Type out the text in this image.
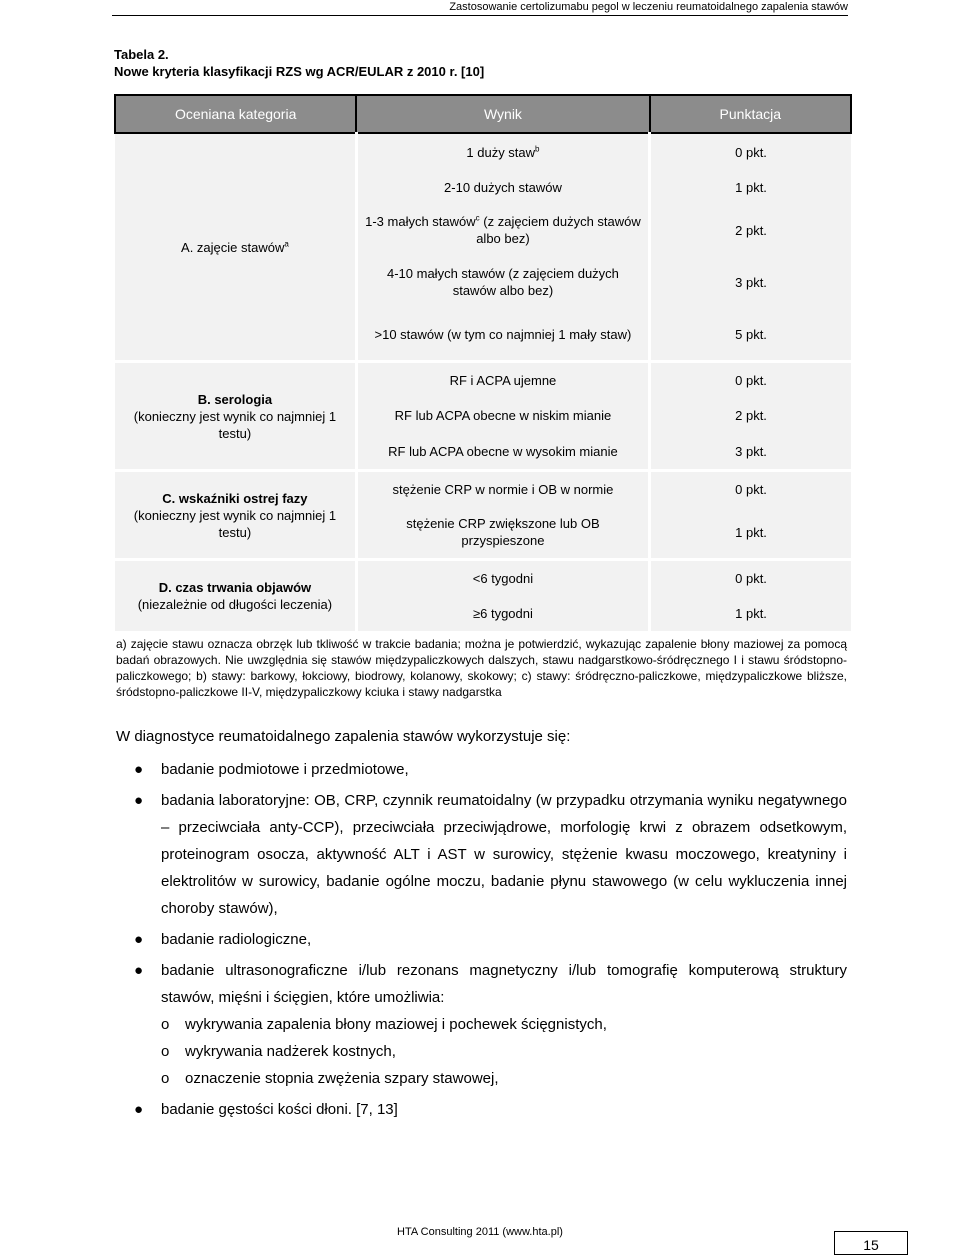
Zastosowanie certolizumabu pegol w leczeniu reumatoidalnego zapalenia stawów
Tabela 2.
Nowe kryteria klasyfikacji RZS wg ACR/EULAR z 2010 r. [10]
Oceniana kategoria	Wynik	Punktacja
A. zajęcie stawów$^a$	1 duży staw$^b$	0 pkt.
	2-10 dużych stawów	1 pkt.
	1-3 małych stawów$^c$ (z zajęciem dużych stawów albo bez)	2 pkt.
	4-10 małych stawów (z zajęciem dużych stawów albo bez)	3 pkt.
	>10 stawów (w tym co najmniej 1 mały staw)	5 pkt.

B. serologia
(konieczny jest wynik co najmniej 1 testu)	RF i ACPA ujemne	0 pkt.
	RF lub ACPA obecne w niskim mianie	2 pkt.
	RF lub ACPA obecne w wysokim mianie	3 pkt.

C. wskaźniki ostrej fazy
(konieczny jest wynik co najmniej 1 testu)	stężenie CRP w normie i OB w normie	0 pkt.
	stężenie CRP zwiększone lub OB przyspieszone	1 pkt.

D. czas trwania objawów
(niezależnie od długości leczenia)	<6 tygodni	0 pkt.
	≥6 tygodni	1 pkt.
a) zajęcie stawu oznacza obrzęk lub tkliwość w trakcie badania; można je potwierdzić, wykazując zapalenie błony maziowej za pomocą badań obrazowych. Nie uwzględnia się stawów międzypaliczkowych dalszych, stawu nadgarstkowo-śródręcznego I i stawu śródstopno-paliczkowego; b) stawy: barkowy, łokciowy, biodrowy, kolanowy, skokowy; c) stawy: śródręczno-paliczkowe, międzypaliczkowe bliższe, śródstopno-paliczkowe II-V, międzypaliczkowy kciuka i stawy nadgarstka

W diagnostyce reumatoidalnego zapalenia stawów wykorzystuje się:

● badanie podmiotowe i przedmiotowe,
● badania laboratoryjne: OB, CRP, czynnik reumatoidalny (w przypadku otrzymania wyniku negatywnego – przeciwciała anty-CCP), przeciwciała przeciwjądrowe, morfologię krwi z obrazem odsetkowym, proteinogram osocza, aktywność ALT i AST w surowicy, stężenie kwasu moczowego, kreatyniny i elektrolitów w surowicy, badanie ogólne moczu, badanie płynu stawowego (w celu wykluczenia innej choroby stawów),
● badanie radiologiczne,
● badanie ultrasonograficzne i/lub rezonans magnetyczny i/lub tomografię komputerową struktury stawów, mięśni i ścięgien, które umożliwia:
o wykrywania zapalenia błony maziowej i pochewek ścięgnistych,
o wykrywania nadżerek kostnych,
o oznaczenie stopnia zwężenia szpary stawowej,
● badanie gęstości kości dłoni. [7, 13]
HTA Consulting 2011 (www.hta.pl)
15
